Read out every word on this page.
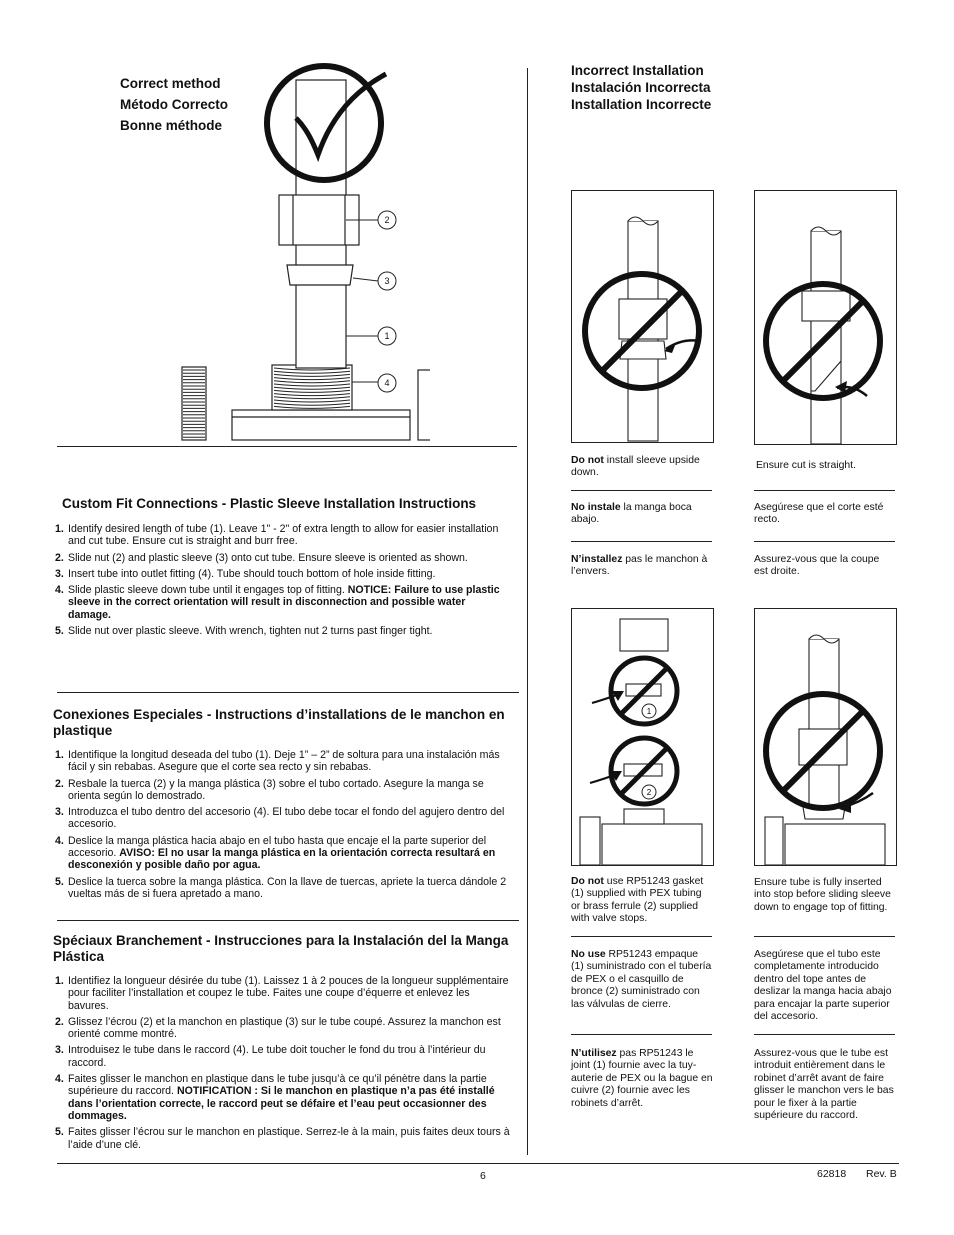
Correct method
Método Correcto
Bonne méthode
2
3
1
4
Custom Fit Connections - Plastic Sleeve Installation Instructions
1. Identify desired length of tube (1). Leave 1" - 2" of extra length to allow for easier installation and cut tube. Ensure cut is straight and burr free.
2. Slide nut (2) and plastic sleeve (3) onto cut tube. Ensure sleeve is oriented as shown.
3. Insert tube into outlet fitting (4). Tube should touch bottom of hole inside fitting.
4. Slide plastic sleeve down tube until it engages top of fitting. NOTICE: Failure to use plastic sleeve in the correct orientation will result in disconnection and possible water damage.
5. Slide nut over plastic sleeve. With wrench, tighten nut 2 turns past finger tight.
Conexiones Especiales - Instructions d’installations de le manchon en plastique
1. Identifique la longitud deseada del tubo (1). Deje 1” – 2” de soltura para una instalación más fácil y sin rebabas. Asegure que el corte sea recto y sin rebabas.
2. Resbale la tuerca (2) y la manga plástica (3) sobre el tubo cortado. Asegure la manga se orienta según lo demostrado.
3. Introduzca el tubo dentro del accesorio (4). El tubo debe tocar el fondo del agujero dentro del accesorio.
4. Deslice la manga plástica hacia abajo en el tubo hasta que encaje el la parte superior del accesorio. AVISO: El no usar la manga plástica en la orientación correcta resultará en desconexión y posible daño por agua.
5. Deslice la tuerca sobre la manga plástica. Con la llave de tuercas, apriete la tuerca dándole 2 vueltas más de si fuera apretado a mano.
Spéciaux Branchement - Instrucciones para la Instalación del la Manga Plástica
1. Identifiez la longueur désirée du tube (1). Laissez 1 à 2 pouces de la longueur supplémentaire pour faciliter l’installation et coupez le tube. Faites une coupe d’équerre et enlevez les bavures.
2. Glissez l’écrou (2) et la manchon en plastique (3) sur le tube coupé. Assurez la manchon est orienté comme montré.
3. Introduisez le tube dans le raccord (4). Le tube doit toucher le fond du trou à l’intérieur du raccord.
4. Faites glisser le manchon en plastique dans le tube jusqu’à ce qu’il pénètre dans la partie supérieure du raccord. NOTIFICATION : Si le manchon en plastique n’a pas été installé dans l’orientation correcte, le raccord peut se défaire et l’eau peut occasionner des dommages.
5. Faites glisser l’écrou sur le manchon en plastique. Serrez-le à la main, puis faites deux tours à l’aide d’une clé.
Incorrect Installation
Instalación Incorrecta
Installation Incorrecte
Do not install sleeve upside down.
No instale la manga boca abajo.
N’installez pas le manchon à l’envers.
Ensure cut is straight.
Asegúrese que el corte esté recto.
Assurez-vous que la coupe est droite.
1
2
Do not use RP51243 gasket (1) supplied with PEX tubing or brass ferrule (2) supplied with valve stops.
No use RP51243 empaque (1) suministrado con el tubería de PEX o el casquillo de bronce (2) suministrado con las válvulas de cierre.
N’utilisez pas RP51243 le joint (1) fournie avec la tuy-auterie de PEX ou la bague en cuivre (2) fournie avec les robinets d’arrêt.
Ensure tube is fully inserted into stop before sliding sleeve down to engage top of fitting.
Asegúrese que el tubo este completamente introducido dentro del tope antes de deslizar la manga hacia abajo para encajar la parte superior del accesorio.
Assurez-vous que le tube est introduit entièrement dans le robinet d’arrêt avant de faire glisser le manchon vers le bas pour le fixer à la partie supérieure du raccord.
6	62818 Rev. B
